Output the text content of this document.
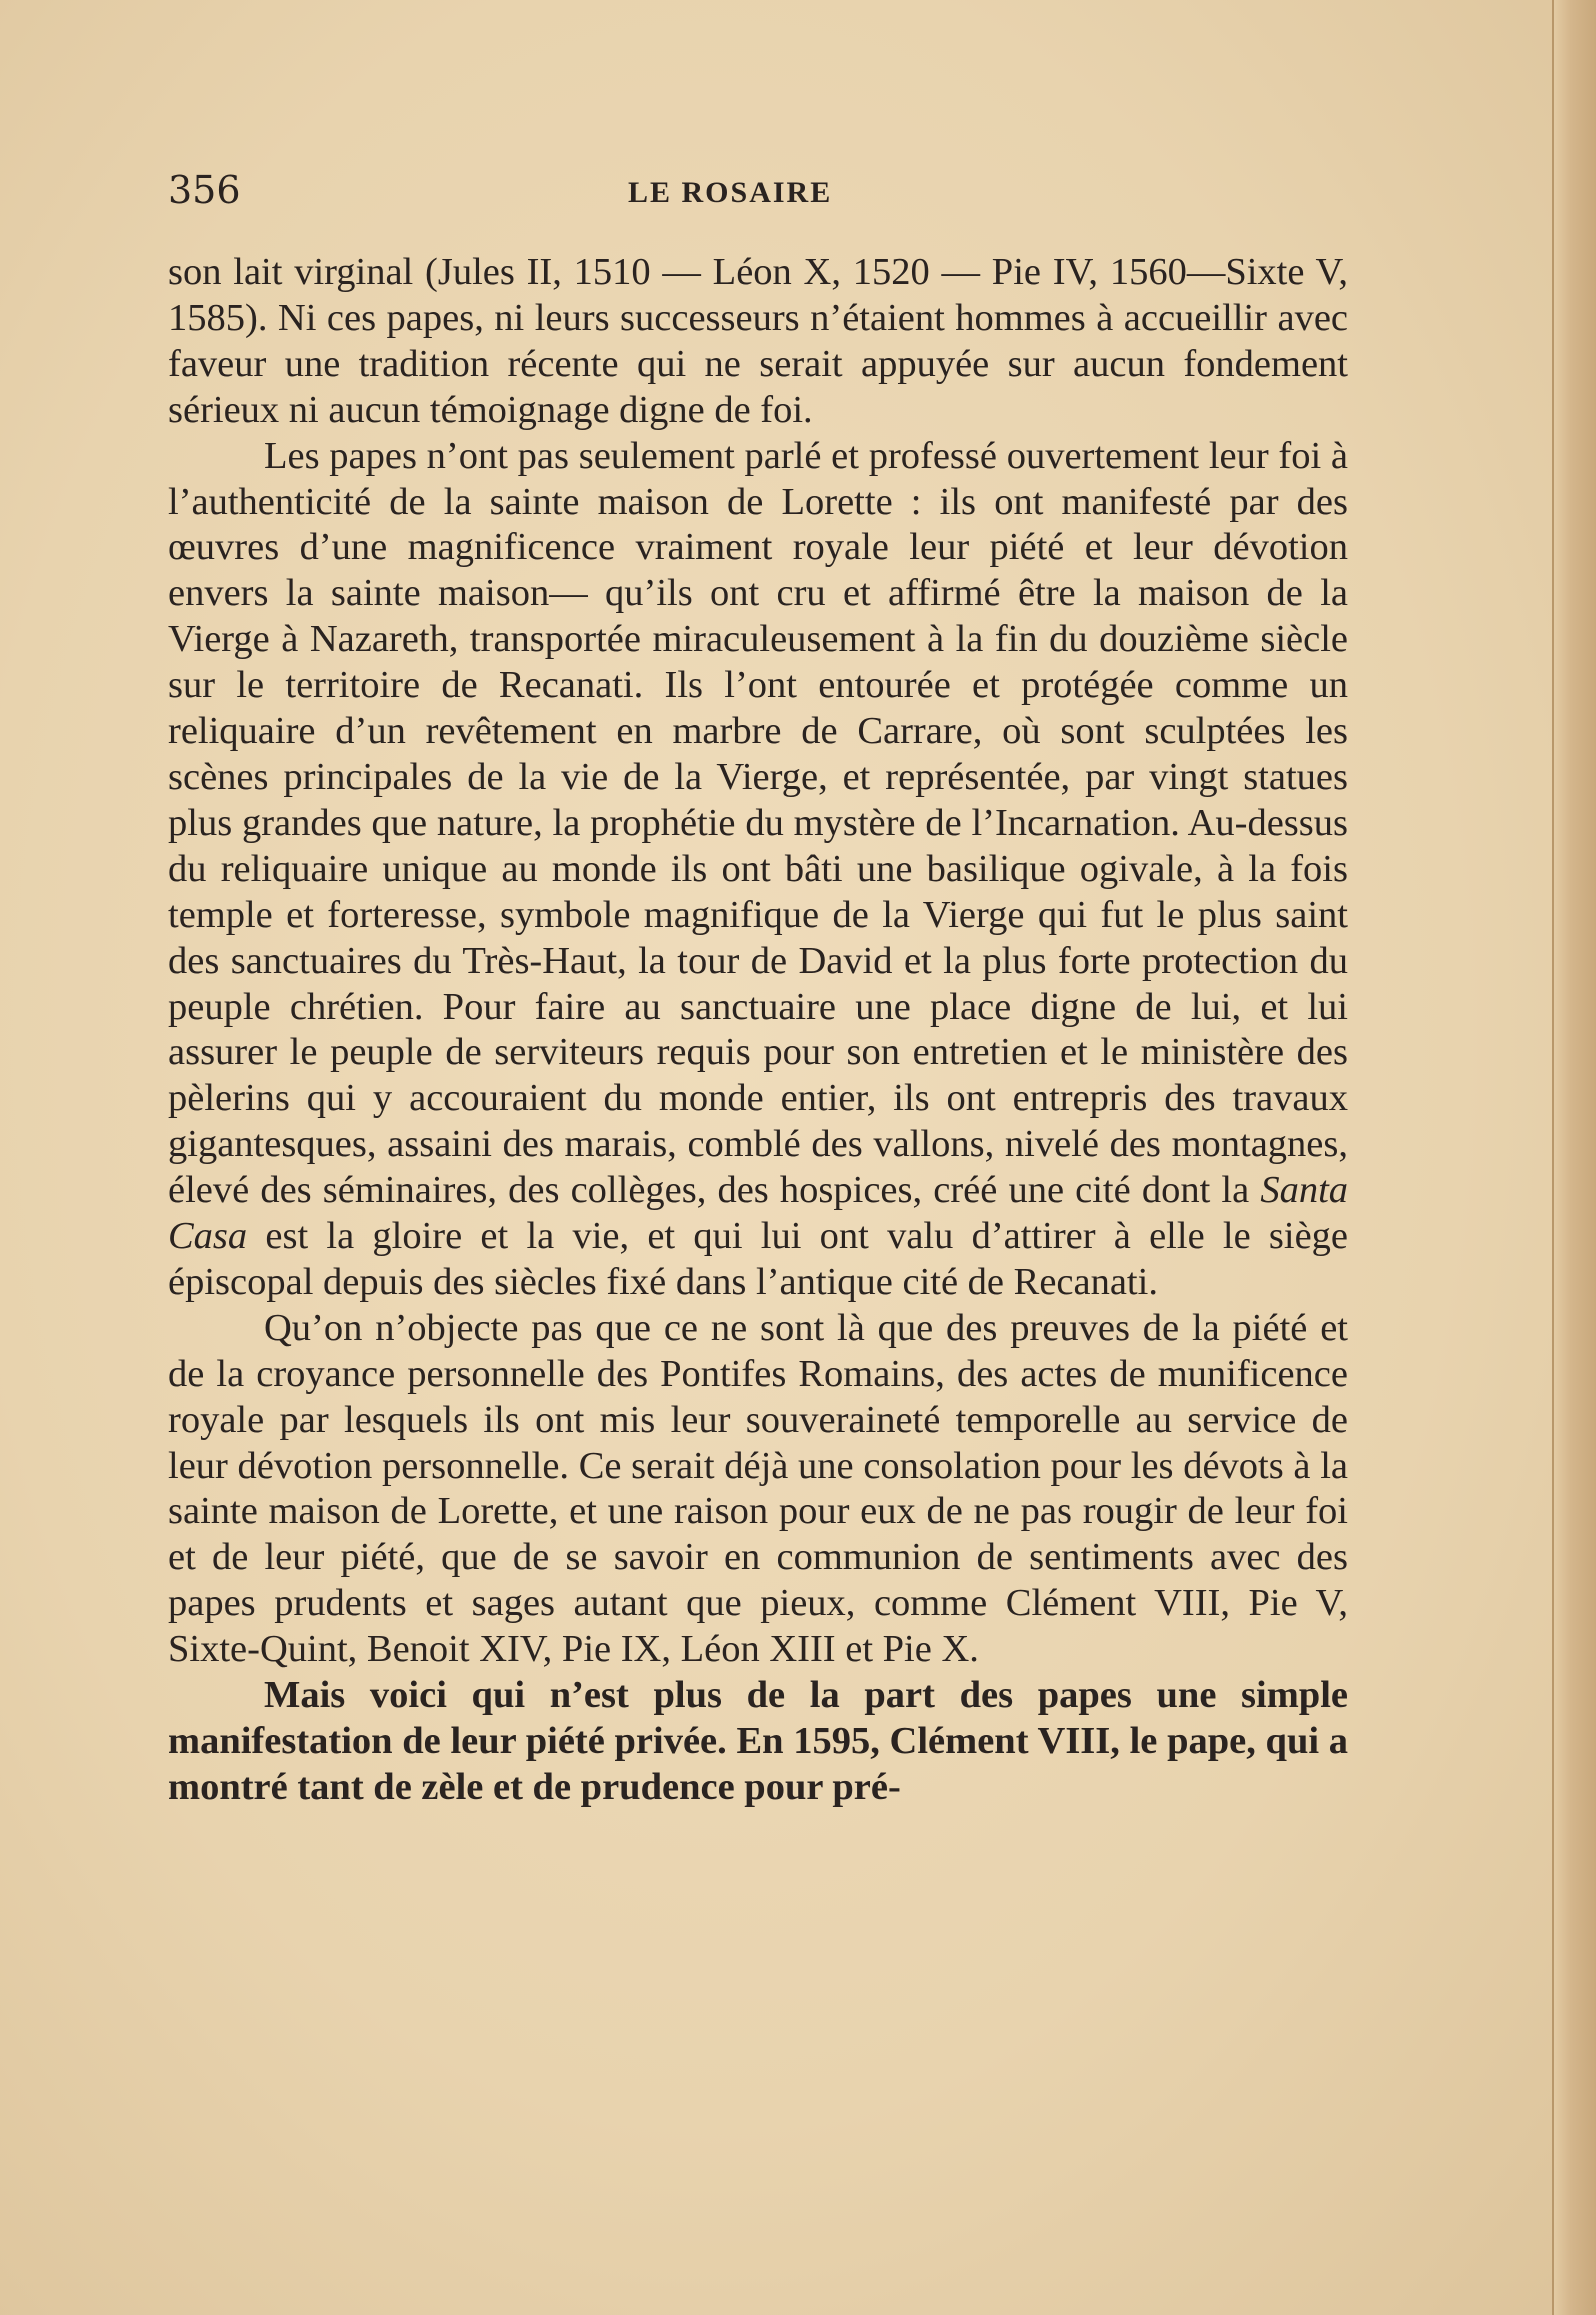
356	LE ROSAIRE

son lait virginal (Jules II, 1510 — Léon X, 1520 — Pie IV, 1560—Sixte V, 1585). Ni ces papes, ni leurs successeurs n’étaient hommes à accueillir avec faveur une tradition récente qui ne serait appuyée sur aucun fondement sérieux ni aucun témoignage digne de foi.

Les papes n’ont pas seulement parlé et professé ouvertement leur foi à l’authenticité de la sainte maison de Lorette : ils ont manifesté par des œuvres d’une magnificence vraiment royale leur piété et leur dévotion envers la sainte maison— qu’ils ont cru et affirmé être la maison de la Vierge à Nazareth, transportée miraculeusement à la fin du douzième siècle sur le territoire de Recanati. Ils l’ont entourée et protégée comme un reliquaire d’un revêtement en marbre de Carrare, où sont sculptées les scènes principales de la vie de la Vierge, et représentée, par vingt statues plus grandes que nature, la prophétie du mystère de l’Incarnation. Au-dessus du reliquaire unique au monde ils ont bâti une basilique ogivale, à la fois temple et forteresse, symbole magnifique de la Vierge qui fut le plus saint des sanctuaires du Très-Haut, la tour de David et la plus forte protection du peuple chrétien. Pour faire au sanctuaire une place digne de lui, et lui assurer le peuple de serviteurs requis pour son entretien et le ministère des pèlerins qui y accouraient du monde entier, ils ont entrepris des travaux gigantesques, assaini des marais, comblé des vallons, nivelé des montagnes, élevé des séminaires, des collèges, des hospices, créé une cité dont la Santa Casa est la gloire et la vie, et qui lui ont valu d’attirer à elle le siège épiscopal depuis des siècles fixé dans l’antique cité de Recanati.

Qu’on n’objecte pas que ce ne sont là que des preuves de la piété et de la croyance personnelle des Pontifes Romains, des actes de munificence royale par lesquels ils ont mis leur souveraineté temporelle au service de leur dévotion personnelle. Ce serait déjà une consolation pour les dévots à la sainte maison de Lorette, et une raison pour eux de ne pas rougir de leur foi et de leur piété, que de se savoir en communion de sentiments avec des papes prudents et sages autant que pieux, comme Clément VIII, Pie V, Sixte-Quint, Benoit XIV, Pie IX, Léon XIII et Pie X.

Mais voici qui n’est plus de la part des papes une simple manifestation de leur piété privée. En 1595, Clément VIII, le pape, qui a montré tant de zèle et de prudence pour pré-
